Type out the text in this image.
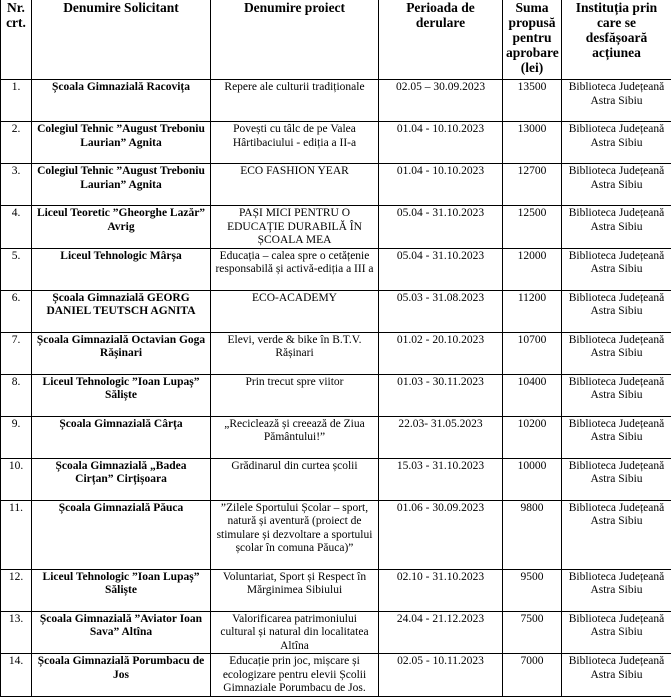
Nr. crt.	Denumire Solicitant	Denumire proiect	Perioada de derulare	Suma propusă pentru aprobare (lei)	Instituția prin care se desfășoară acțiunea
1.	Școala Gimnazială Racovița	Repere ale culturii tradiționale	02.05 – 30.09.2023	13500	Biblioteca Județeană Astra Sibiu
2.	Colegiul Tehnic ”August Treboniu Laurian” Agnita	Povești cu tâlc de pe Valea Hârtibaciului - ediția a II-a	01.04 - 10.10.2023	13000	Biblioteca Județeană Astra Sibiu
3.	Colegiul Tehnic ”August Treboniu Laurian” Agnita	ECO FASHION YEAR	01.04 - 10.10.2023	12700	Biblioteca Județeană Astra Sibiu
4.	Liceul Teoretic ”Gheorghe Lazăr” Avrig	PAȘI MICI PENTRU O EDUCAȚIE DURABILĂ ÎN ȘCOALA MEA	05.04 - 31.10.2023	12500	Biblioteca Județeană Astra Sibiu
5.	Liceul Tehnologic Mârșa	Educația – calea spre o cetățenie responsabilă și activă-ediția a III a	05.04 - 31.10.2023	12000	Biblioteca Județeană Astra Sibiu
6.	Școala Gimnazială GEORG DANIEL TEUTSCH AGNITA	ECO-ACADEMY	05.03 - 31.08.2023	11200	Biblioteca Județeană Astra Sibiu
7.	Școala Gimnazială Octavian Goga Rășinari	Elevi, verde & bike în B.T.V. Rășinari	01.02 - 20.10.2023	10700	Biblioteca Județeană Astra Sibiu
8.	Liceul Tehnologic ”Ioan Lupaș” Săliște	Prin trecut spre viitor	01.03 - 30.11.2023	10400	Biblioteca Județeană Astra Sibiu
9.	Școala Gimnazială Cârța	„Reciclează și creează de Ziua Pământului!”	22.03- 31.05.2023	10200	Biblioteca Județeană Astra Sibiu
10.	Școala Gimnazială „Badea Cirțan” Cirțișoara	Grădinarul din curtea școlii	15.03 - 31.10.2023	10000	Biblioteca Județeană Astra Sibiu
11.	Școala Gimnazială Păuca	”Zilele Sportului Școlar – sport, natură și aventură (proiect de stimulare și dezvoltare a sportului școlar în comuna Păuca)”	01.06 - 30.09.2023	9800	Biblioteca Județeană Astra Sibiu
12.	Liceul Tehnologic ”Ioan Lupaș” Săliște	Voluntariat, Sport și Respect în Mărginimea Sibiului	02.10 - 31.10.2023	9500	Biblioteca Județeană Astra Sibiu
13.	Școala Gimnazială ”Aviator Ioan Sava” Altîna	Valorificarea patrimoniului cultural și natural din localitatea Altîna	24.04 - 21.12.2023	7500	Biblioteca Județeană Astra Sibiu
14.	Școala Gimnazială Porumbacu de Jos	Educație prin joc, mișcare și ecologizare pentru elevii Școlii Gimnaziale Porumbacu de Jos.	02.05 - 10.11.2023	7000	Biblioteca Județeană Astra Sibiu
